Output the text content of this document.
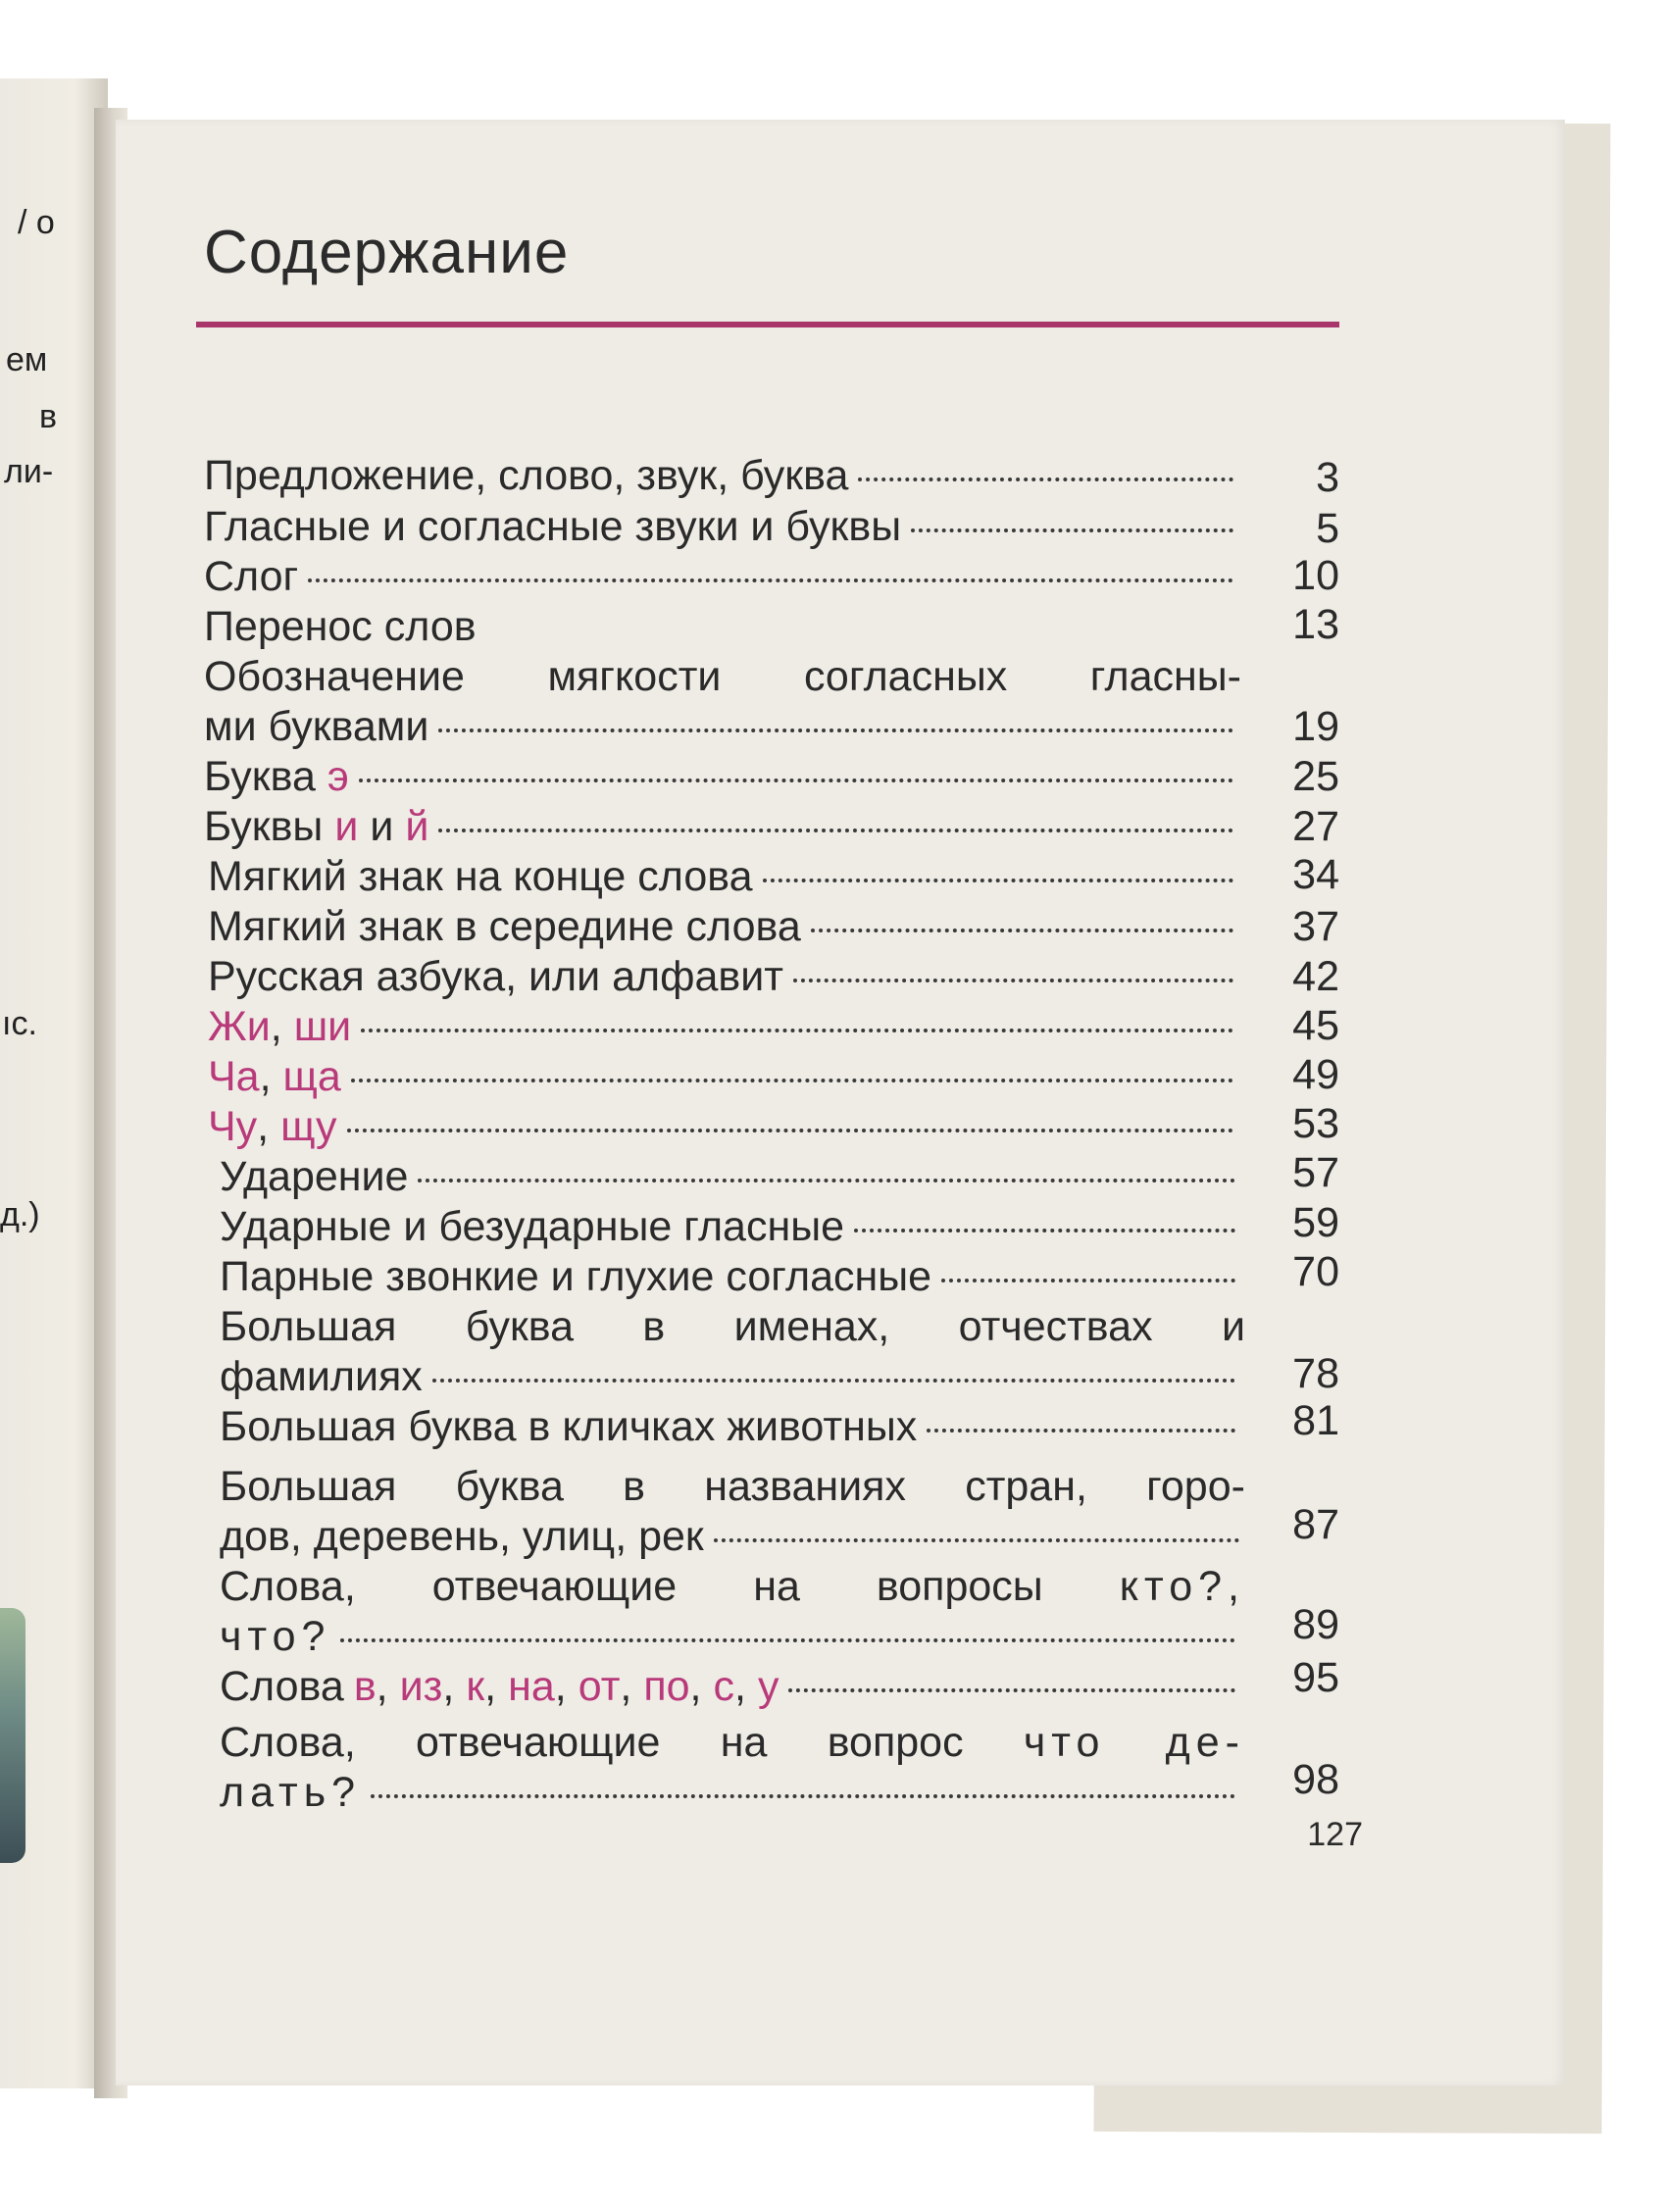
/ о
ем
в
ли-
ıс.
д.)
Содержание
Предложение, слово, звук, буква	3
Гласные и согласные звуки и буквы	5
Слог	10
Перенос слов	13
Обозначение мягкости согласных гласны-
ми буквами	19
Буква э	25
Буквы и и й	27
Мягкий знак на конце слова	34
Мягкий знак в середине слова	37
Русская азбука, или алфавит	42
Жи , ши	45
Ча , ща	49
Чу , щу	53
Ударение	57
Ударные и безударные гласные	59
Парные звонкие и глухие согласные	70
Большая буква в именах, отчествах и
фамилиях	78
Большая буква в кличках животных	81
Большая буква в названиях стран, горо-
дов, деревень, улиц, рек	87
Слова, отвечающие на вопросы кто?,
что?	89
Слова в , из , к , на , от , по , с , у	95
Слова, отвечающие на вопрос что де-
лать?	98
127
